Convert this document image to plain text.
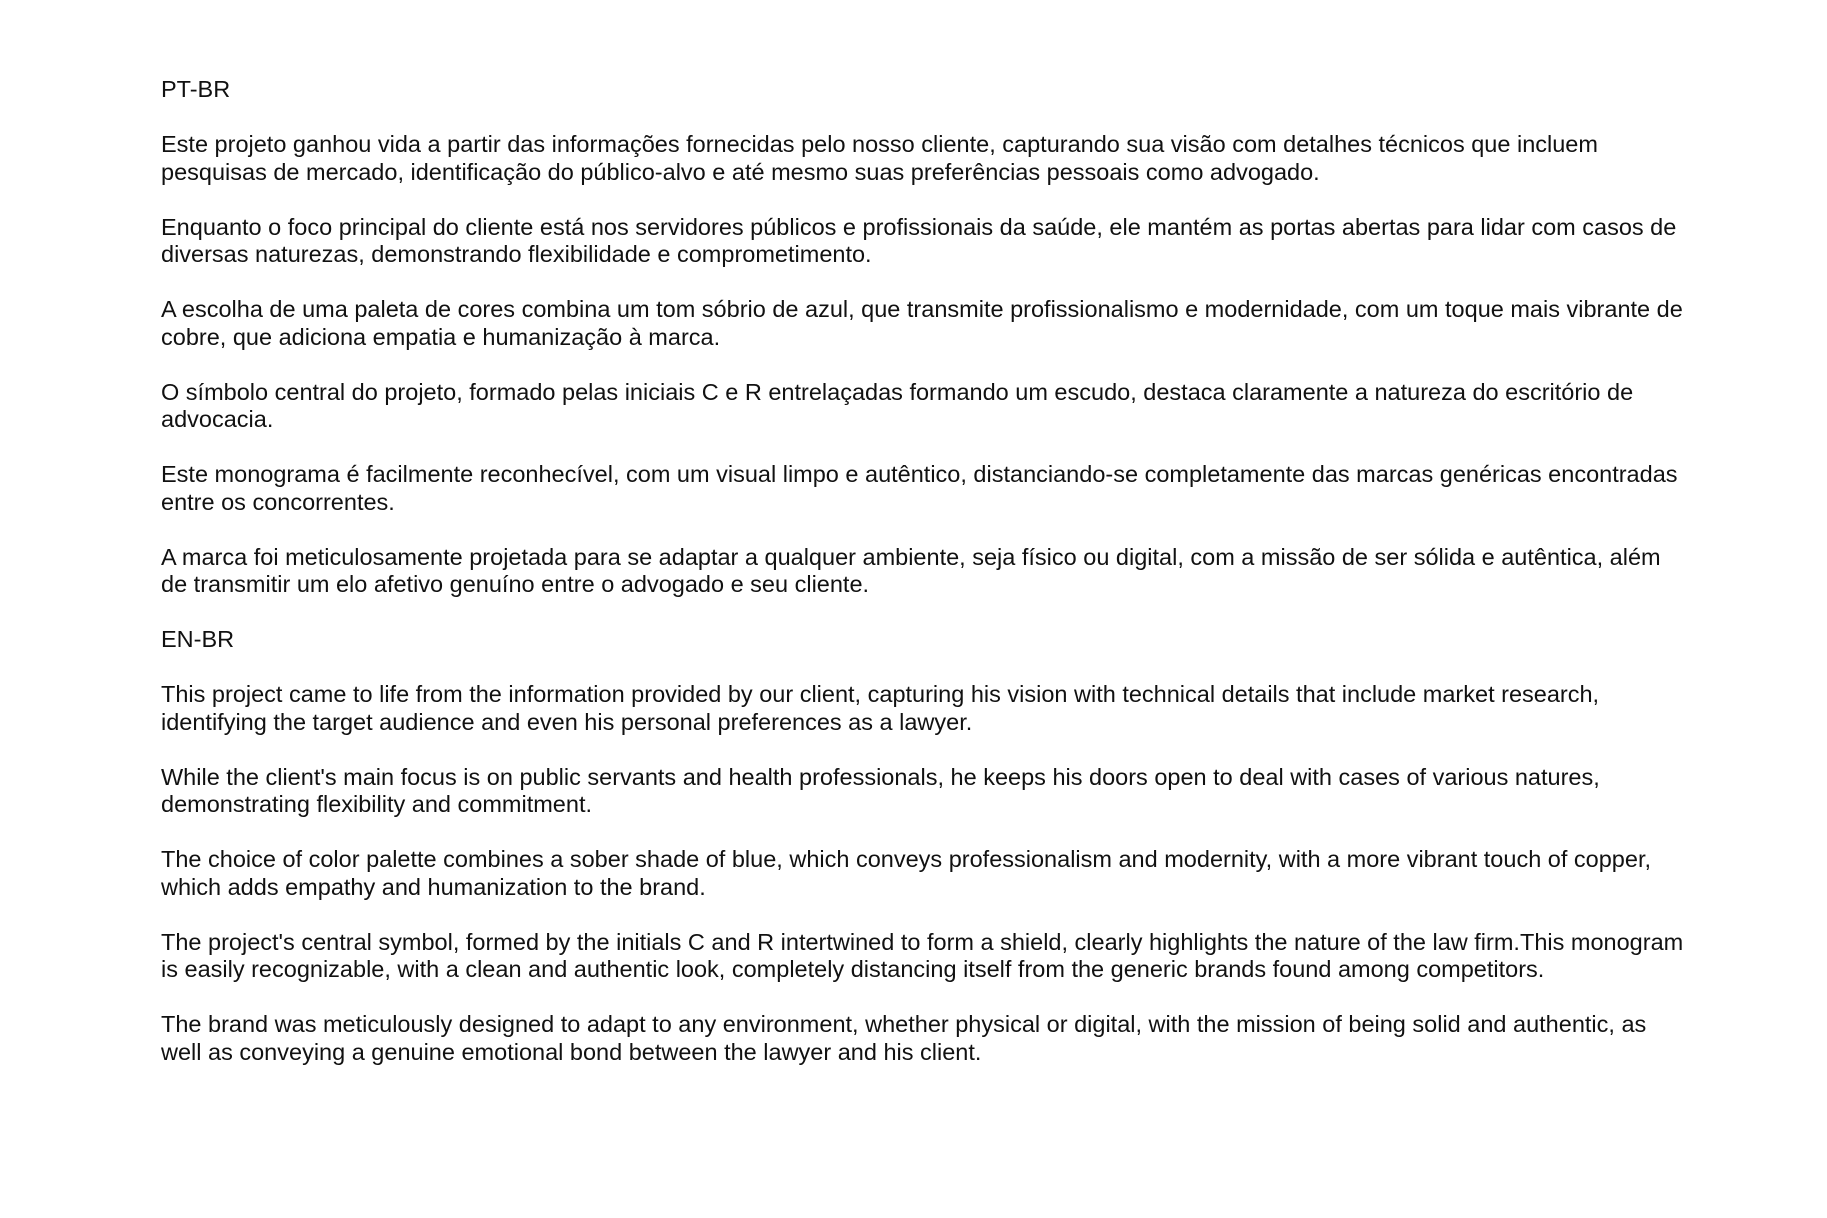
PT-BR

Este projeto ganhou vida a partir das informações fornecidas pelo nosso cliente, capturando sua visão com detalhes técnicos que incluem pesquisas de mercado, identificação do público-alvo e até mesmo suas preferências pessoais como advogado.

Enquanto o foco principal do cliente está nos servidores públicos e profissionais da saúde, ele mantém as portas abertas para lidar com casos de diversas naturezas, demonstrando flexibilidade e comprometimento.

A escolha de uma paleta de cores combina um tom sóbrio de azul, que transmite profissionalismo e modernidade, com um toque mais vibrante de cobre, que adiciona empatia e humanização à marca.

O símbolo central do projeto, formado pelas iniciais C e R entrelaçadas formando um escudo, destaca claramente a natureza do escritório de advocacia.

Este monograma é facilmente reconhecível, com um visual limpo e autêntico, distanciando-se completamente das marcas genéricas encontradas entre os concorrentes.

A marca foi meticulosamente projetada para se adaptar a qualquer ambiente, seja físico ou digital, com a missão de ser sólida e autêntica, além de transmitir um elo afetivo genuíno entre o advogado e seu cliente.

EN-BR

This project came to life from the information provided by our client, capturing his vision with technical details that include market research, identifying the target audience and even his personal preferences as a lawyer.

While the client's main focus is on public servants and health professionals, he keeps his doors open to deal with cases of various natures, demonstrating flexibility and commitment.

The choice of color palette combines a sober shade of blue, which conveys professionalism and modernity, with a more vibrant touch of copper, which adds empathy and humanization to the brand.

The project's central symbol, formed by the initials C and R intertwined to form a shield, clearly highlights the nature of the law firm.This monogram is easily recognizable, with a clean and authentic look, completely distancing itself from the generic brands found among competitors.

The brand was meticulously designed to adapt to any environment, whether physical or digital, with the mission of being solid and authentic, as well as conveying a genuine emotional bond between the lawyer and his client.
